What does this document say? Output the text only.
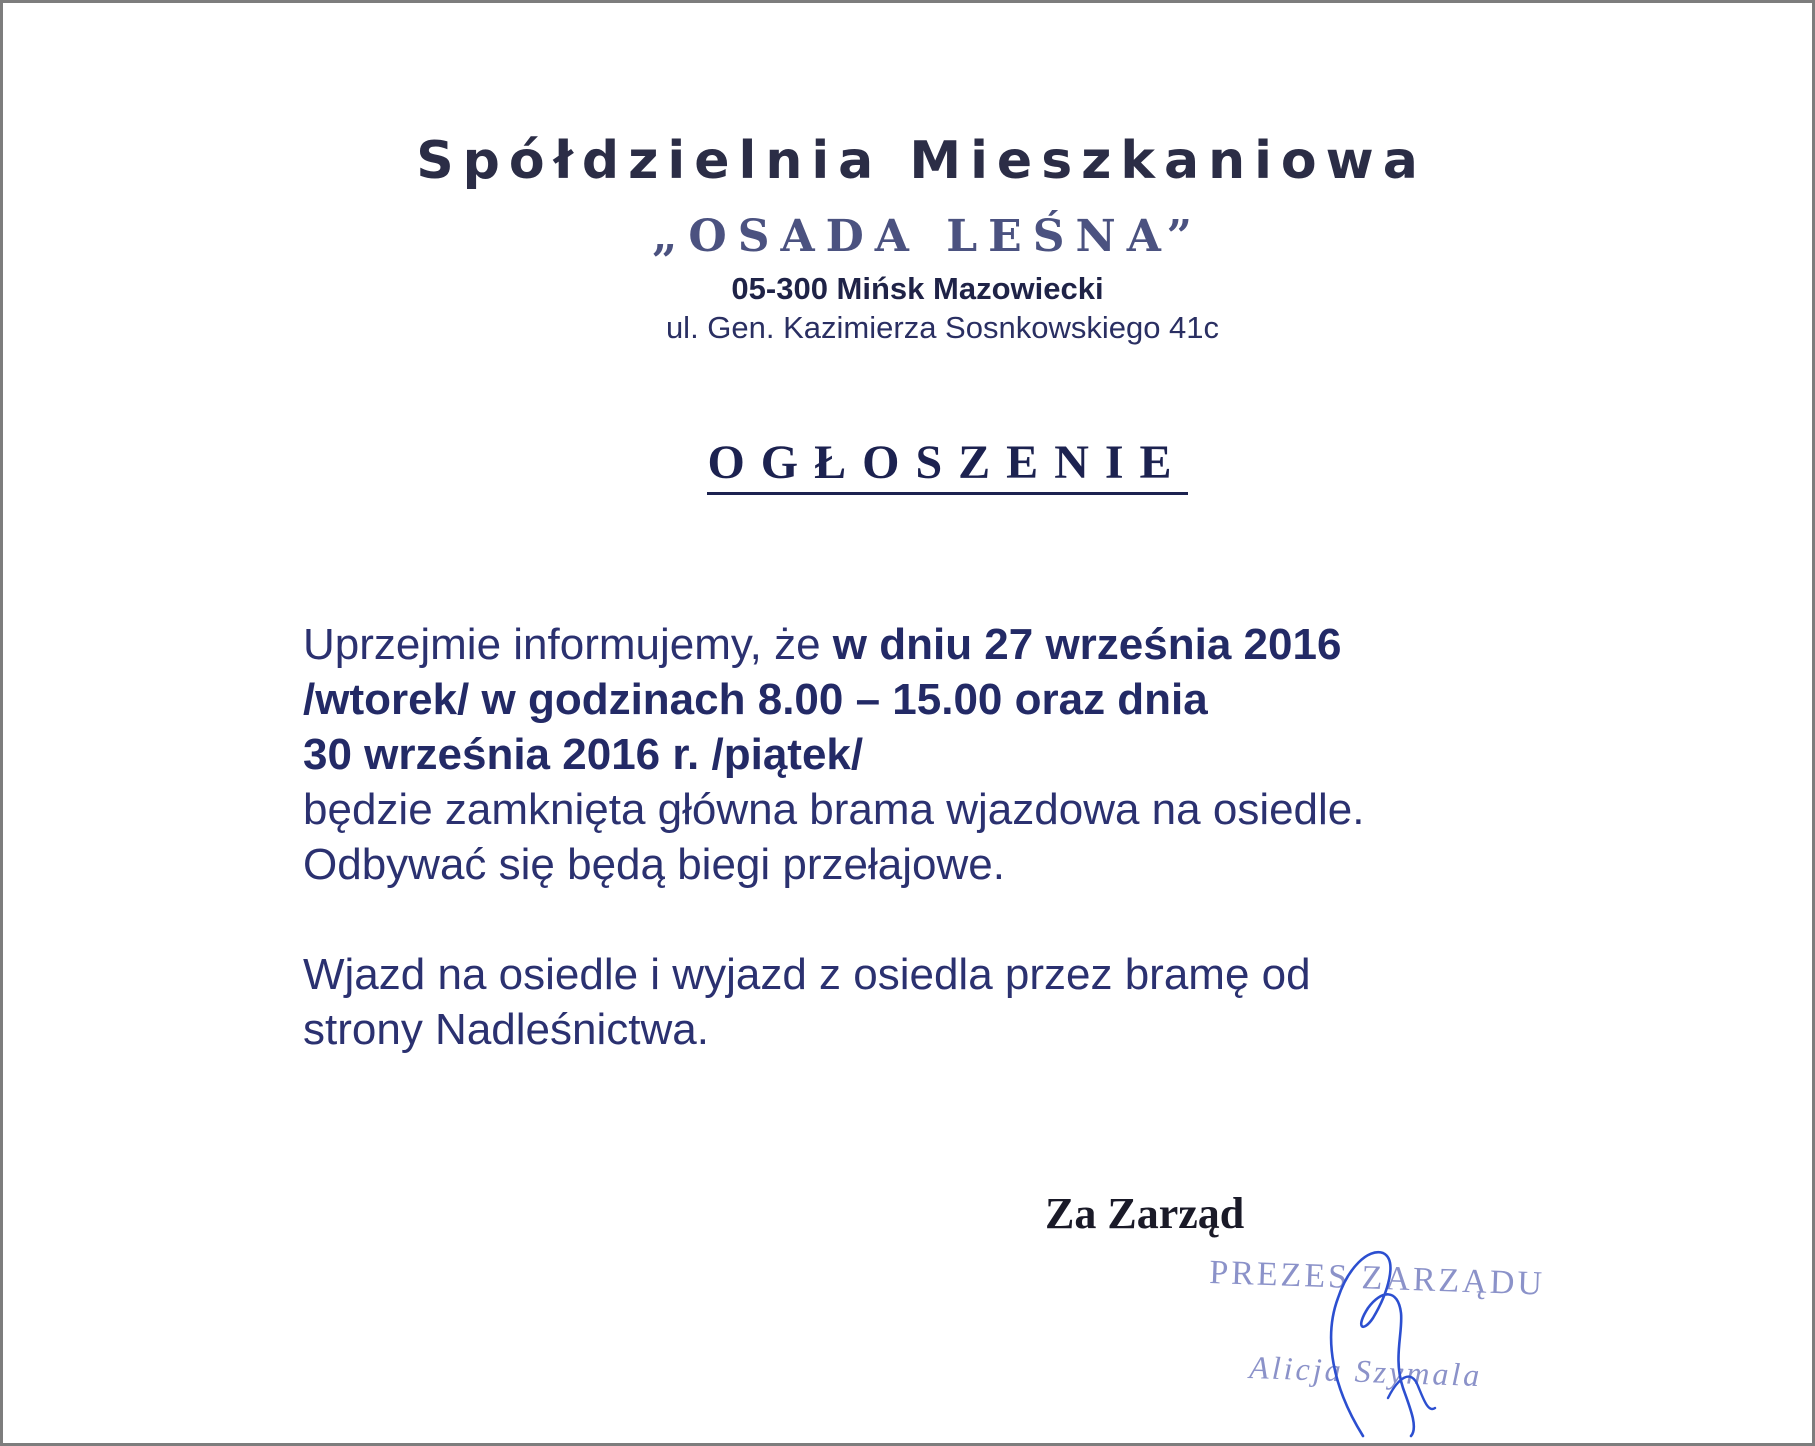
Spółdzielnia Mieszkaniowa
„OSADA LEŚNA”
05-300 Mińsk Mazowiecki
ul. Gen. Kazimierza Sosnkowskiego 41c
OGŁOSZENIE
Uprzejmie informujemy, że w dniu 27 września 2016
/wtorek/ w godzinach 8.00 – 15.00 oraz dnia
30 września 2016 r. /piątek/
będzie zamknięta główna brama wjazdowa na osiedle.
Odbywać się będą biegi przełajowe.
Wjazd na osiedle i wyjazd z osiedla przez bramę od
strony Nadleśnictwa.
Za Zarząd
PREZES ZARZĄDU
Alicja Szymala
